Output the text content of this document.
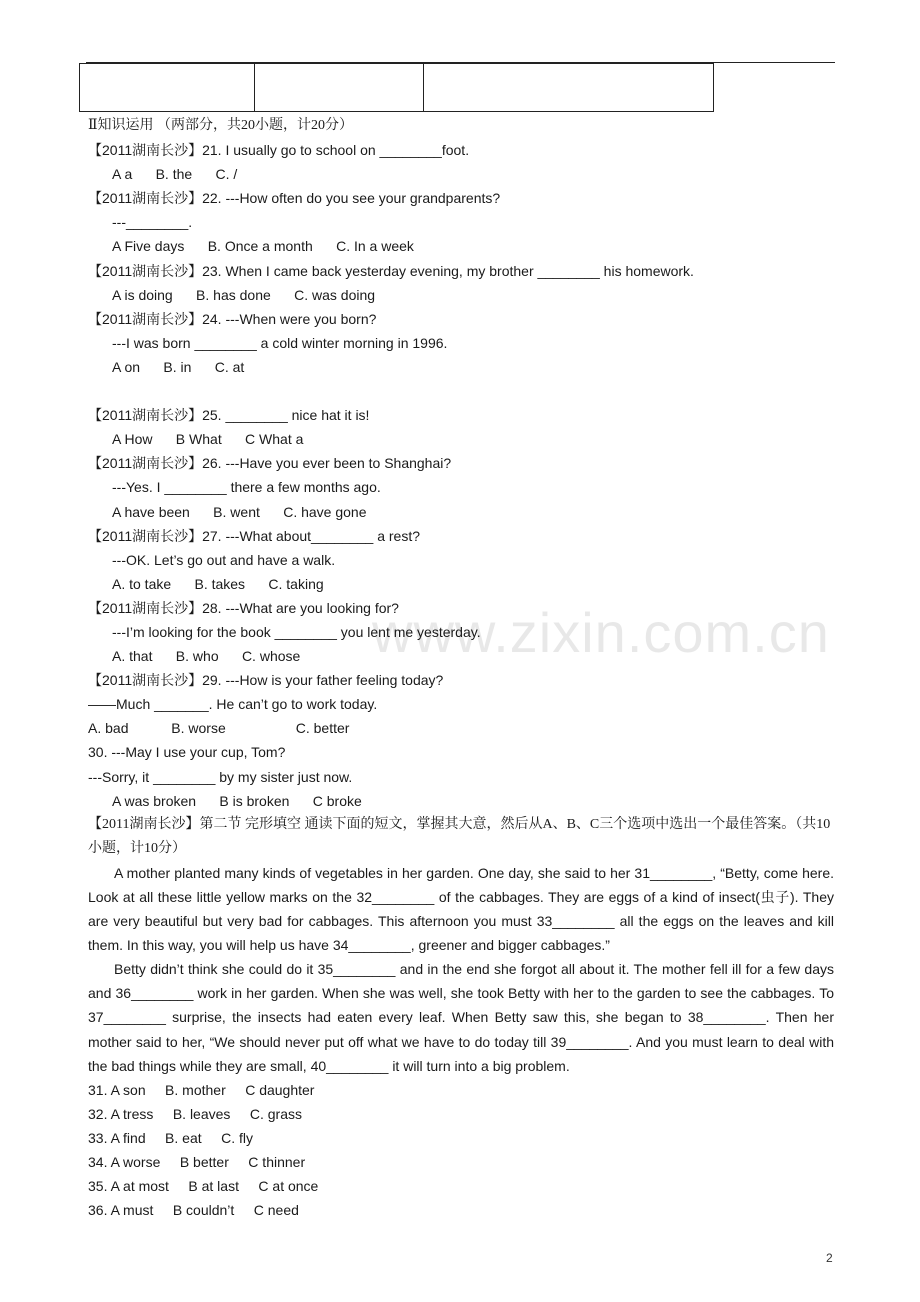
www.zixin.com.cn
Ⅱ知识运用 （两部分，共20小题，计20分）
【2011湖南长沙】21. I usually go to school on ________foot.
A a      B. the      C. /
【2011湖南长沙】22. ---How often do you see your grandparents?
---________.
A Five days      B. Once a month      C. In a week
【2011湖南长沙】23. When I came back yesterday evening, my brother ________ his homework.
A is doing      B. has done      C. was doing
【2011湖南长沙】24. ---When were you born?
---I was born ________ a cold winter morning in 1996.
A on      B. in      C. at
【2011湖南长沙】25. ________ nice hat it is!
A How      B What      C What a
【2011湖南长沙】26. ---Have you ever been to Shanghai?
---Yes. I ________ there a few months ago.
A have been      B. went      C. have gone
【2011湖南长沙】27. ---What about________ a rest?
---OK. Let’s go out and have a walk.
A. to take      B. takes      C. taking
【2011湖南长沙】28. ---What are you looking for?
---I’m looking for the book ________ you lent me yesterday.
A. that      B. who      C. whose
【2011湖南长沙】29. ---How is your father feeling today?
——Much _______. He can’t go to work today.
A. bad           B. worse                  C. better
30. ---May I use your cup, Tom?
---Sorry, it ________ by my sister just now.
A was broken      B is broken      C broke
【2011湖南长沙】第二节 完形填空 通读下面的短文，掌握其大意，然后从A、B、C三个选项中选出一个最佳答案。（共10小题，计10分）

A mother planted many kinds of vegetables in her garden. One day, she said to her 31________, “Betty, come here. Look at all these little yellow marks on the 32________ of the cabbages. They are eggs of a kind of insect(虫子). They are very beautiful but very bad for cabbages. This afternoon you must 33________ all the eggs on the leaves and kill them. In this way, you will help us have 34________, greener and bigger cabbages.”

Betty didn’t think she could do it 35________ and in the end she forgot all about it. The mother fell ill for a few days and 36________ work in her garden. When she was well, she took Betty with her to the garden to see the cabbages. To 37________ surprise, the insects had eaten every leaf. When Betty saw this, she began to 38________. Then her mother said to her, “We should never put off what we have to do today till 39________. And you must learn to deal with the bad things while they are small, 40________ it will turn into a big problem.

31. A son     B. mother     C daughter
32. A tress     B. leaves     C. grass
33. A find     B. eat     C. fly
34. A worse     B better     C thinner
35. A at most     B at last     C at once
36. A must     B couldn’t     C need
2
